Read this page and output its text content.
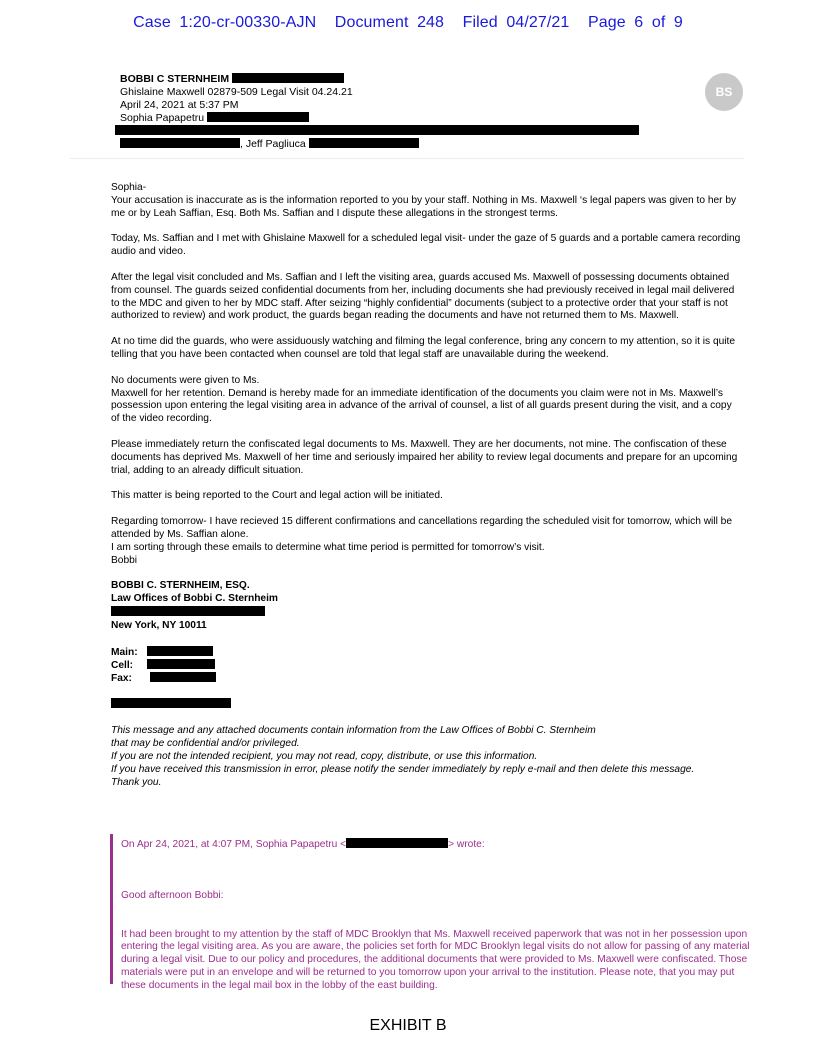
Case 1:20-cr-00330-AJN Document 248 Filed 04/27/21 Page 6 of 9
BOBBI C STERNHEIM
Ghislaine Maxwell 02879-509 Legal Visit 04.24.21
April 24, 2021 at 5:37 PM
Sophia Papapetru
, Jeff Pagliuca
BS

Sophia-

Your accusation is inaccurate as is the information reported to you by your staff. Nothing in Ms. Maxwell ‘s legal papers was given to her by me or by Leah Saffian, Esq. Both Ms. Saffian and I dispute these allegations in the strongest terms.

Today, Ms. Saffian and I met with Ghislaine Maxwell for a scheduled legal visit- under the gaze of 5 guards and a portable camera recording audio and video.

After the legal visit concluded and Ms. Saffian and I left the visiting area, guards accused Ms. Maxwell of possessing documents obtained from counsel. The guards seized confidential documents from her, including documents she had previously received in legal mail delivered to the MDC and given to her by MDC staff. After seizing “highly confidential” documents (subject to a protective order that your staff is not authorized to review) and work product, the guards began reading the documents and have not returned them to Ms. Maxwell.

At no time did the guards, who were assiduously watching and filming the legal conference, bring any concern to my attention, so it is quite telling that you have been contacted when counsel are told that legal staff are unavailable during the weekend.

No documents were given to Ms.

Maxwell for her retention. Demand is hereby made for an immediate identification of the documents you claim were not in Ms. Maxwell’s possession upon entering the legal visiting area in advance of the arrival of counsel, a list of all guards present during the visit, and a copy of the video recording.

Please immediately return the confiscated legal documents to Ms. Maxwell. They are her documents, not mine. The confiscation of these documents has deprived Ms. Maxwell of her time and seriously impaired her ability to review legal documents and prepare for an upcoming trial, adding to an already difficult situation.

This matter is being reported to the Court and legal action will be initiated.

Regarding tomorrow- I have recieved 15 different confirmations and cancellations regarding the scheduled visit for tomorrow, which will be attended by Ms. Saffian alone.

I am sorting through these emails to determine what time period is permitted for tomorrow’s visit.

Bobbi

BOBBI C. STERNHEIM, ESQ.
Law Offices of Bobbi C. Sternheim
New York, NY 10011
Main:
Cell:
Fax:
This message and any attached documents contain information from the Law Offices of Bobbi C. Sternheim
that may be confidential and/or privileged.
If you are not the intended recipient, you may not read, copy, distribute, or use this information.
If you have received this transmission in error, please notify the sender immediately by reply e-mail and then delete this message.
Thank you.

On Apr 24, 2021, at 4:07 PM, Sophia Papapetru <	> wrote:

Good afternoon Bobbi:

It had been brought to my attention by the staff of MDC Brooklyn that Ms. Maxwell received paperwork that was not in her possession upon entering the legal visiting area. As you are aware, the policies set forth for MDC Brooklyn legal visits do not allow for passing of any material during a legal visit. Due to our policy and procedures, the additional documents that were provided to Ms. Maxwell were confiscated. Those materials were put in an envelope and will be returned to you tomorrow upon your arrival to the institution. Please note, that you may put these documents in the legal mail box in the lobby of the east building.

EXHIBIT B
